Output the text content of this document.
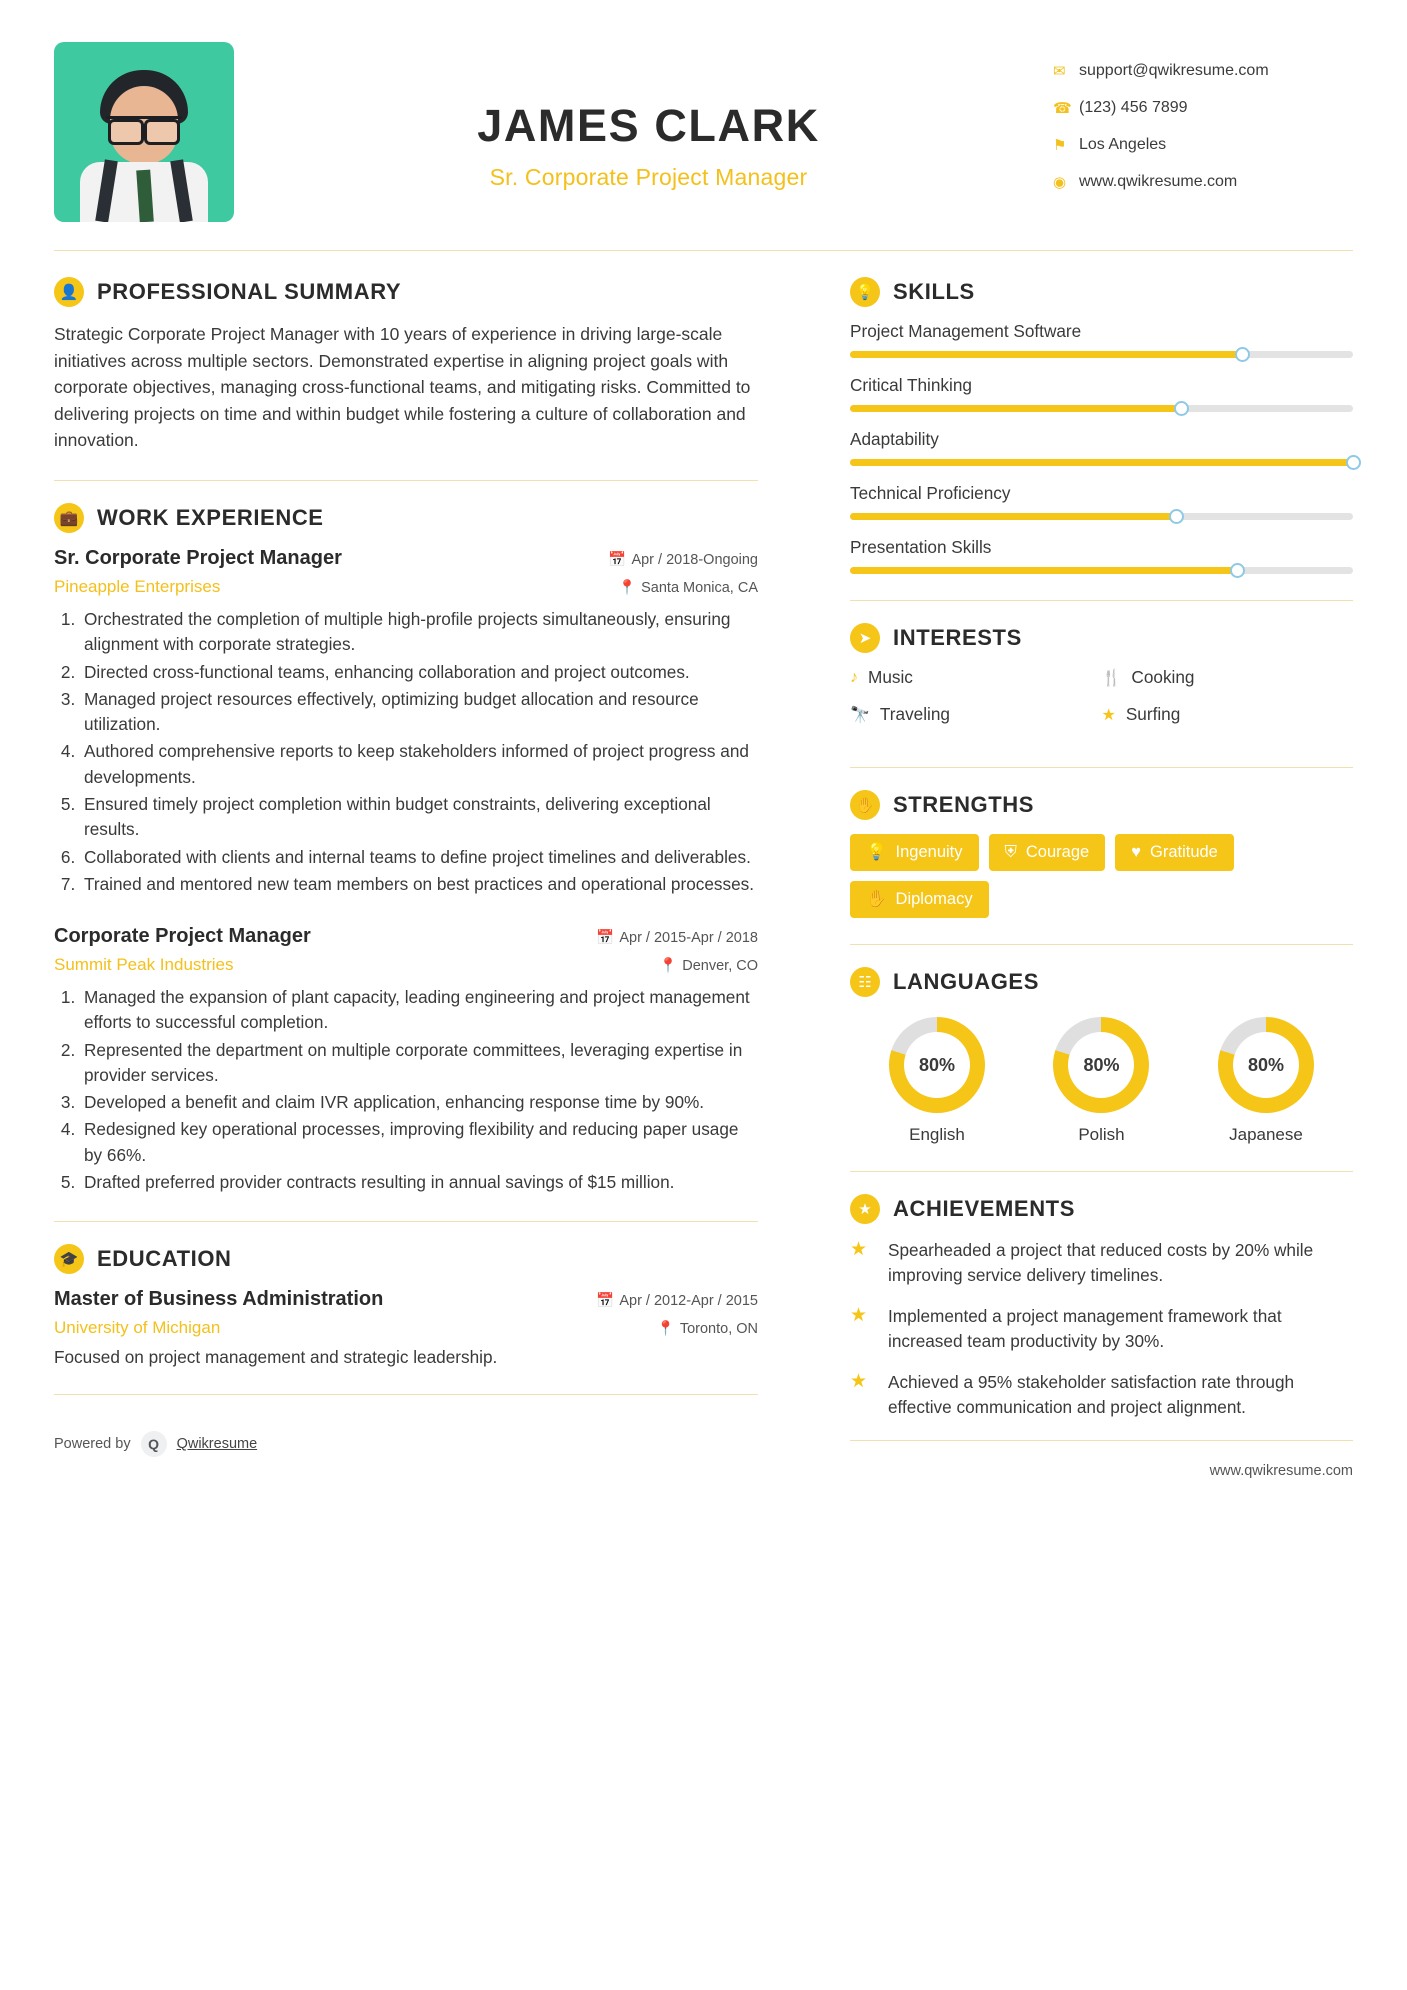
JAMES CLARK
Sr. Corporate Project Manager
✉ support@qwikresume.com
☎ (123) 456 7899
⚑ Los Angeles
◉ www.qwikresume.com
👤 PROFESSIONAL SUMMARY
Strategic Corporate Project Manager with 10 years of experience in driving large-scale initiatives across multiple sectors. Demonstrated expertise in aligning project goals with corporate objectives, managing cross-functional teams, and mitigating risks. Committed to delivering projects on time and within budget while fostering a culture of collaboration and innovation.
💼 WORK EXPERIENCE
Sr. Corporate Project Manager	📅 Apr / 2018-Ongoing
Pineapple Enterprises	📍 Santa Monica, CA
1. Orchestrated the completion of multiple high-profile projects simultaneously, ensuring alignment with corporate strategies.
2. Directed cross-functional teams, enhancing collaboration and project outcomes.
3. Managed project resources effectively, optimizing budget allocation and resource utilization.
4. Authored comprehensive reports to keep stakeholders informed of project progress and developments.
5. Ensured timely project completion within budget constraints, delivering exceptional results.
6. Collaborated with clients and internal teams to define project timelines and deliverables.
7. Trained and mentored new team members on best practices and operational processes.
Corporate Project Manager	📅 Apr / 2015-Apr / 2018
Summit Peak Industries	📍 Denver, CO
1. Managed the expansion of plant capacity, leading engineering and project management efforts to successful completion.
2. Represented the department on multiple corporate committees, leveraging expertise in provider services.
3. Developed a benefit and claim IVR application, enhancing response time by 90%.
4. Redesigned key operational processes, improving flexibility and reducing paper usage by 66%.
5. Drafted preferred provider contracts resulting in annual savings of $15 million.
🎓 EDUCATION
Master of Business Administration	📅 Apr / 2012-Apr / 2015
University of Michigan	📍 Toronto, ON
Focused on project management and strategic leadership.
Powered by	Q	Qwikresume
💡 SKILLS
Project Management Software
Critical Thinking
Adaptability
Technical Proficiency
Presentation Skills
➤ INTERESTS
♪ Music	🍴 Cooking
🔭 Traveling	★ Surfing
✋ STRENGTHS
💡 Ingenuity	⛨ Courage	♥ Gratitude
✋ Diplomacy
☷ LANGUAGES
80%
English
80%
Polish
80%
Japanese
★ ACHIEVEMENTS
★	Spearheaded a project that reduced costs by 20% while improving service delivery timelines.
★	Implemented a project management framework that increased team productivity by 30%.
★	Achieved a 95% stakeholder satisfaction rate through effective communication and project alignment.
www.qwikresume.com
